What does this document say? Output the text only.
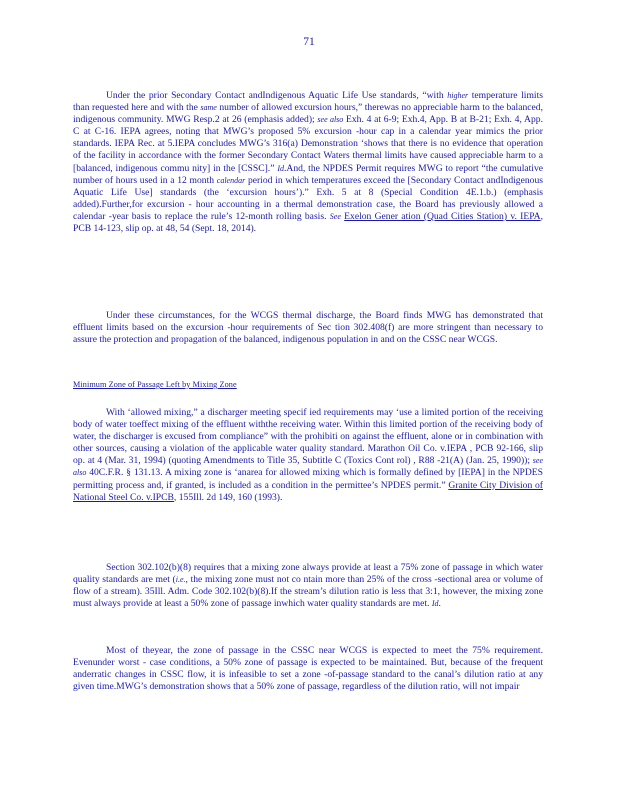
71

Under the prior Secondary Contact andIndigenous Aquatic Life Use standards, “with higher temperature limits than requested here and with the same number of allowed excursion hours,” therewas no appreciable harm to the balanced, indigenous community. MWG Resp.2 at 26 (emphasis added); see also Exh. 4 at 6-9; Exh.4, App. B at B-21; Exh. 4, App. C at C-16. IEPA agrees, noting that MWG’s proposed 5% excursion -hour cap in a calendar year mimics the prior standards. IEPA Rec. at 5.IEPA concludes MWG’s 316(a) Demonstration ‘shows that there is no evidence that operation of the facility in accordance with the former Secondary Contact Waters thermal limits have caused appreciable harm to a [balanced, indigenous commu nity] in the [CSSC].” Id.And, the NPDES Permit requires MWG to report “the cumulative number of hours used in a 12 month calendar period in which temperatures exceed the [Secondary Contact andIndigenous Aquatic Life Use] standards (the ‘excursion hours’).” Exh. 5 at 8 (Special Condition 4E.1.b.) (emphasis added).Further,for excursion - hour accounting in a thermal demonstration case, the Board has previously allowed a calendar -year basis to replace the rule’s 12-month rolling basis. See Exelon Gener ation (Quad Cities Station) v. IEPA, PCB 14-123, slip op. at 48, 54 (Sept. 18, 2014).

Under these circumstances, for the WCGS thermal discharge, the Board finds MWG has demonstrated that effluent limits based on the excursion -hour requirements of Sec tion 302.408(f) are more stringent than necessary to assure the protection and propagation of the balanced, indigenous population in and on the CSSC near WCGS.

Minimum Zone of Passage Left by Mixing Zone

With ‘allowed mixing,” a discharger meeting specif ied requirements may ‘use a limited portion of the receiving body of water toeffect mixing of the effluent withthe receiving water. Within this limited portion of the receiving body of water, the discharger is excused from compliance” with the prohibiti on against the effluent, alone or in combination with other sources, causing a violation of the applicable water quality standard. Marathon Oil Co. v.IEPA , PCB 92-166, slip op. at 4 (Mar. 31, 1994) (quoting Amendments to Title 35, Subtitle C (Toxics Cont rol) , R88 -21(A) (Jan. 25, 1990)); see also 40C.F.R. § 131.13. A mixing zone is ‘anarea for allowed mixing which is formally defined by [IEPA] in the NPDES permitting process and, if granted, is included as a condition in the permittee’s NPDES permit.” Granite City Division of National Steel Co. v.IPCB, 155Ill. 2d 149, 160 (1993).

Section 302.102(b)(8) requires that a mixing zone always provide at least a 75% zone of passage in which water quality standards are met (i.e., the mixing zone must not co ntain more than 25% of the cross -sectional area or volume of flow of a stream). 35Ill. Adm. Code 302.102(b)(8).If the stream’s dilution ratio is less that 3:1, however, the mixing zone must always provide at least a 50% zone of passage inwhich water quality standards are met. Id.

Most of theyear, the zone of passage in the CSSC near WCGS is expected to meet the 75% requirement. Evenunder worst - case conditions, a 50% zone of passage is expected to be maintained. But, because of the frequent anderratic changes in CSSC flow, it is infeasible to set a zone -of-passage standard to the canal’s dilution ratio at any given time.MWG’s demonstration shows that a 50% zone of passage, regardless of the dilution ratio, will not impair
